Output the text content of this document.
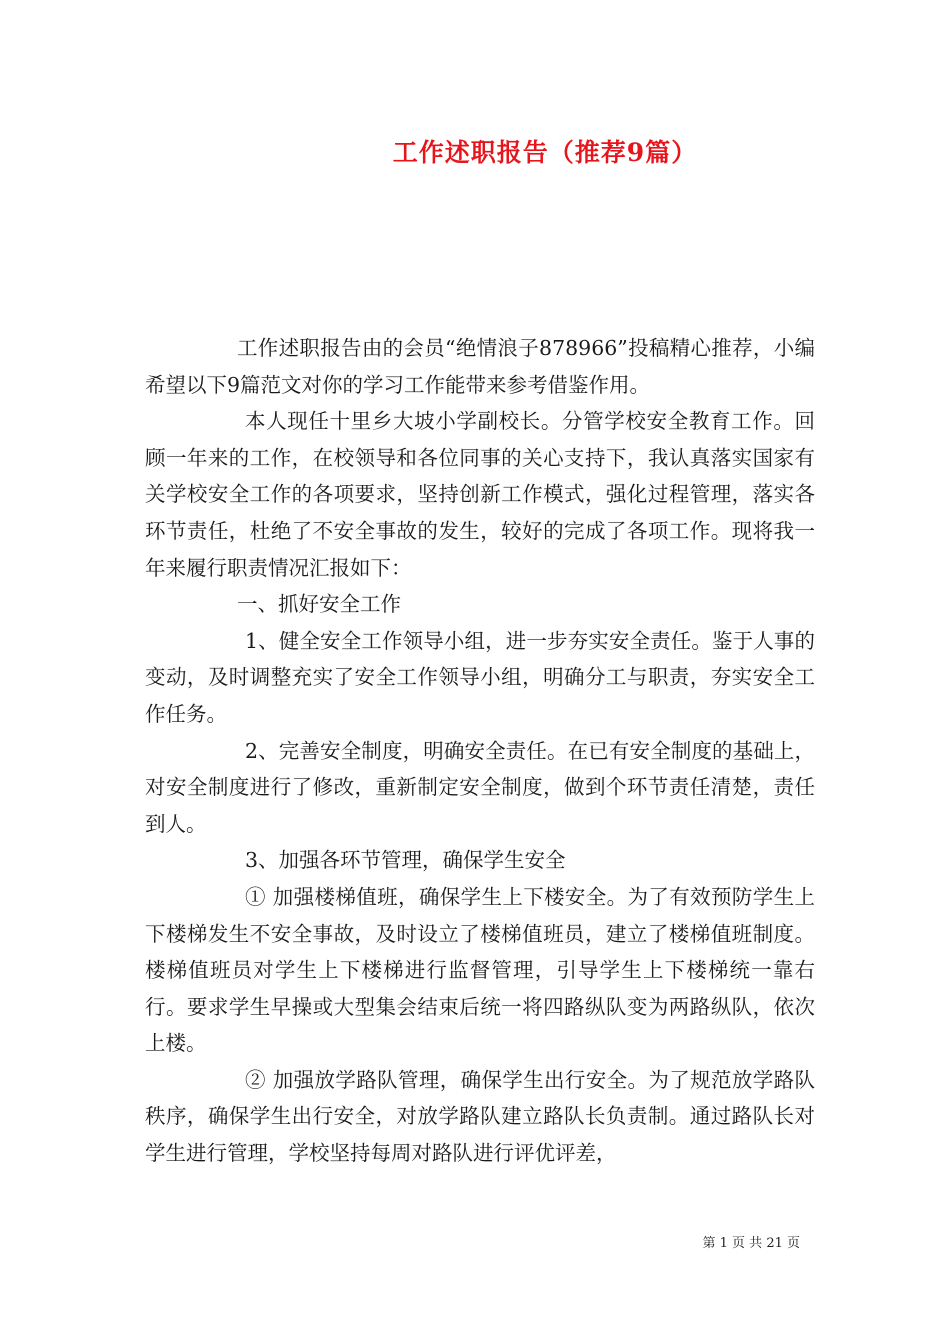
工作述职报告（推荐9篇）

工作述职报告由的会员“绝情浪子878966”投稿精心推荐，小编希望以下9篇范文对你的学习工作能带来参考借鉴作用。

本人现任十里乡大坡小学副校长。分管学校安全教育工作。回顾一年来的工作，在校领导和各位同事的关心支持下，我认真落实国家有关学校安全工作的各项要求，坚持创新工作模式，强化过程管理，落实各环节责任，杜绝了不安全事故的发生，较好的完成了各项工作。现将我一年来履行职责情况汇报如下：

一、抓好安全工作

1、健全安全工作领导小组，进一步夯实安全责任。鉴于人事的变动，及时调整充实了安全工作领导小组，明确分工与职责，夯实安全工作任务。

2、完善安全制度，明确安全责任。在已有安全制度的基础上，对安全制度进行了修改，重新制定安全制度，做到个环节责任清楚，责任到人。

3、加强各环节管理，确保学生安全

① 加强楼梯值班，确保学生上下楼安全。为了有效预防学生上下楼梯发生不安全事故，及时设立了楼梯值班员，建立了楼梯值班制度。楼梯值班员对学生上下楼梯进行监督管理，引导学生上下楼梯统一靠右行。要求学生早操或大型集会结束后统一将四路纵队变为两路纵队，依次上楼。

② 加强放学路队管理，确保学生出行安全。为了规范放学路队秩序，确保学生出行安全，对放学路队建立路队长负责制。通过路队长对学生进行管理，学校坚持每周对路队进行评优评差，

第 1 页 共 21 页
